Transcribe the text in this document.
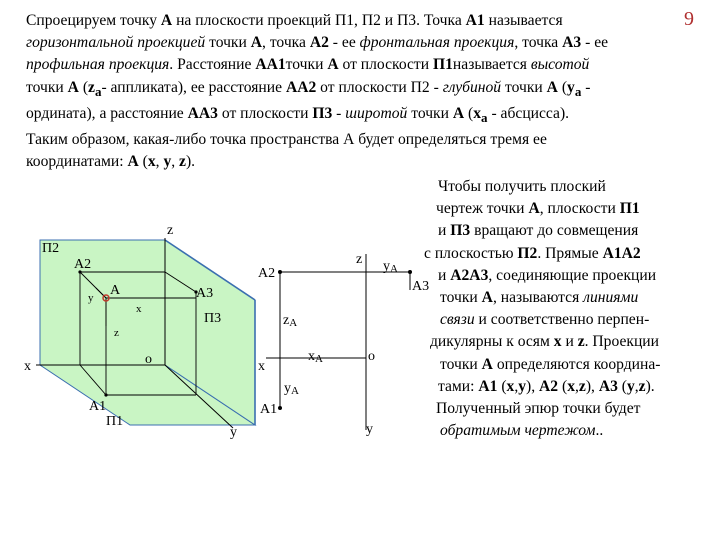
9
Спроецируем точку А на плоскости проекций П1, П2 и П3. Точка А1 называется
горизонтальной проекцией точки А, точка А2 - ее фронтальная проекция, точка А3 - ее
профильная проекция. Расстояние АА1точки А от плоскости П1называется высотой
точки А ($z_а-$ аппликата), ее расстояние АА2 от плоскости П2 - глубиной точки А ($y_а$ -
ордината), а расстояние АА3 от плоскости П3 - широтой точки А ($x_а$ - абсцисса).
Таким образом, какая-либо точка пространства А будет определяться тремя ее
координатами: А (x, y, z).
z
П2
А2
А
y
x
z
А3
П3
o
x
А1
П1
y
z yA
А2
А3
zA
x
xA	o
yA
А1
y
Чтобы получить плоский
чертеж точки А, плоскости П1
и П3 вращают до совмещения
с плоскостью П2. Прямые А1А2
и А2А3, соединяющие проекции
точки А, называются линиями
связи и соответственно перпен-
дикулярны к осям x и z. Проекции
точки А определяются координа-
тами: А1 (x,y), А2 (x,z), А3 (y,z).
Полученный эпюр точки будет
обратимым чертежом..
